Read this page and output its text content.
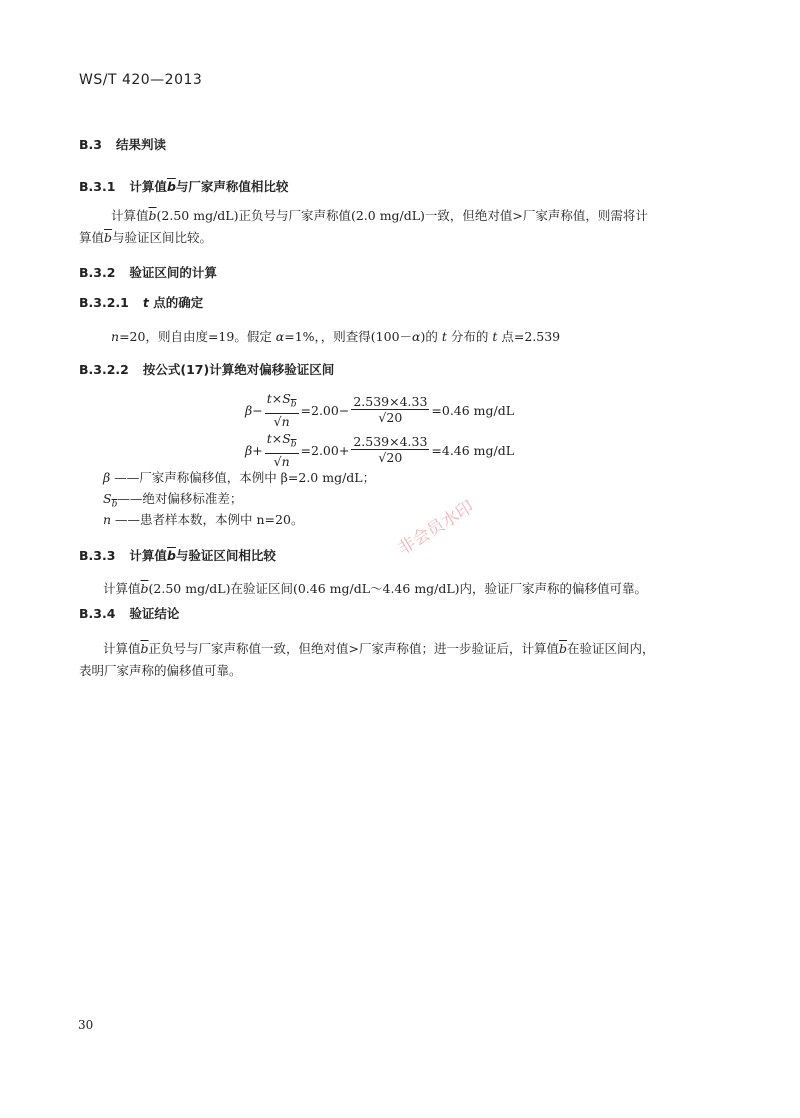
WS/T 420—2013
B.3 结果判读
B.3.1 计算值$\overline{b}$与厂家声称值相比较
计算值$\overline{b}(2.50$ mg/dL)正负号与厂家声称值(2.0 mg/dL)一致，但绝对值>厂家声称值，则需将计
算值$\overline{b}$与验证区间比较。
B.3.2 验证区间的计算
B.3.2.1 t 点的确定
n=20，则自由度=19。假定 α=1%，，则查得(100－α)的 t 分布的 t 点=2.539
B.3.2.2 按公式(17)计算绝对偏移验证区间
$\beta- \frac{t\times S_{\overline{b}}}{√n} =2.00- \frac{2.539\times 4.33}{√20} =0.46$ mg/dL
$\beta+ \frac{t\times S_{\overline{b}}}{√n} =2.00+ \frac{2.539\times 4.33}{√20} =4.46$ mg/dL
β ——厂家声称偏移值，本例中 β=2.0 mg/dL；
$S_{\overline{b}}——$绝对偏移标准差；
n ——患者样本数，本例中 n=20。
B.3.3 计算值$\overline{b}$与验证区间相比较
计算值$\overline{b}(2.50$ mg/dL)在验证区间(0.46 mg/dL～4.46 mg/dL)内，验证厂家声称的偏移值可靠。
B.3.4 验证结论
计算值$\overline{b}$正负号与厂家声称值一致，但绝对值>厂家声称值；进一步验证后，计算值$\overline{b}$在验证区间内，
表明厂家声称的偏移值可靠。
非会员水印
30
